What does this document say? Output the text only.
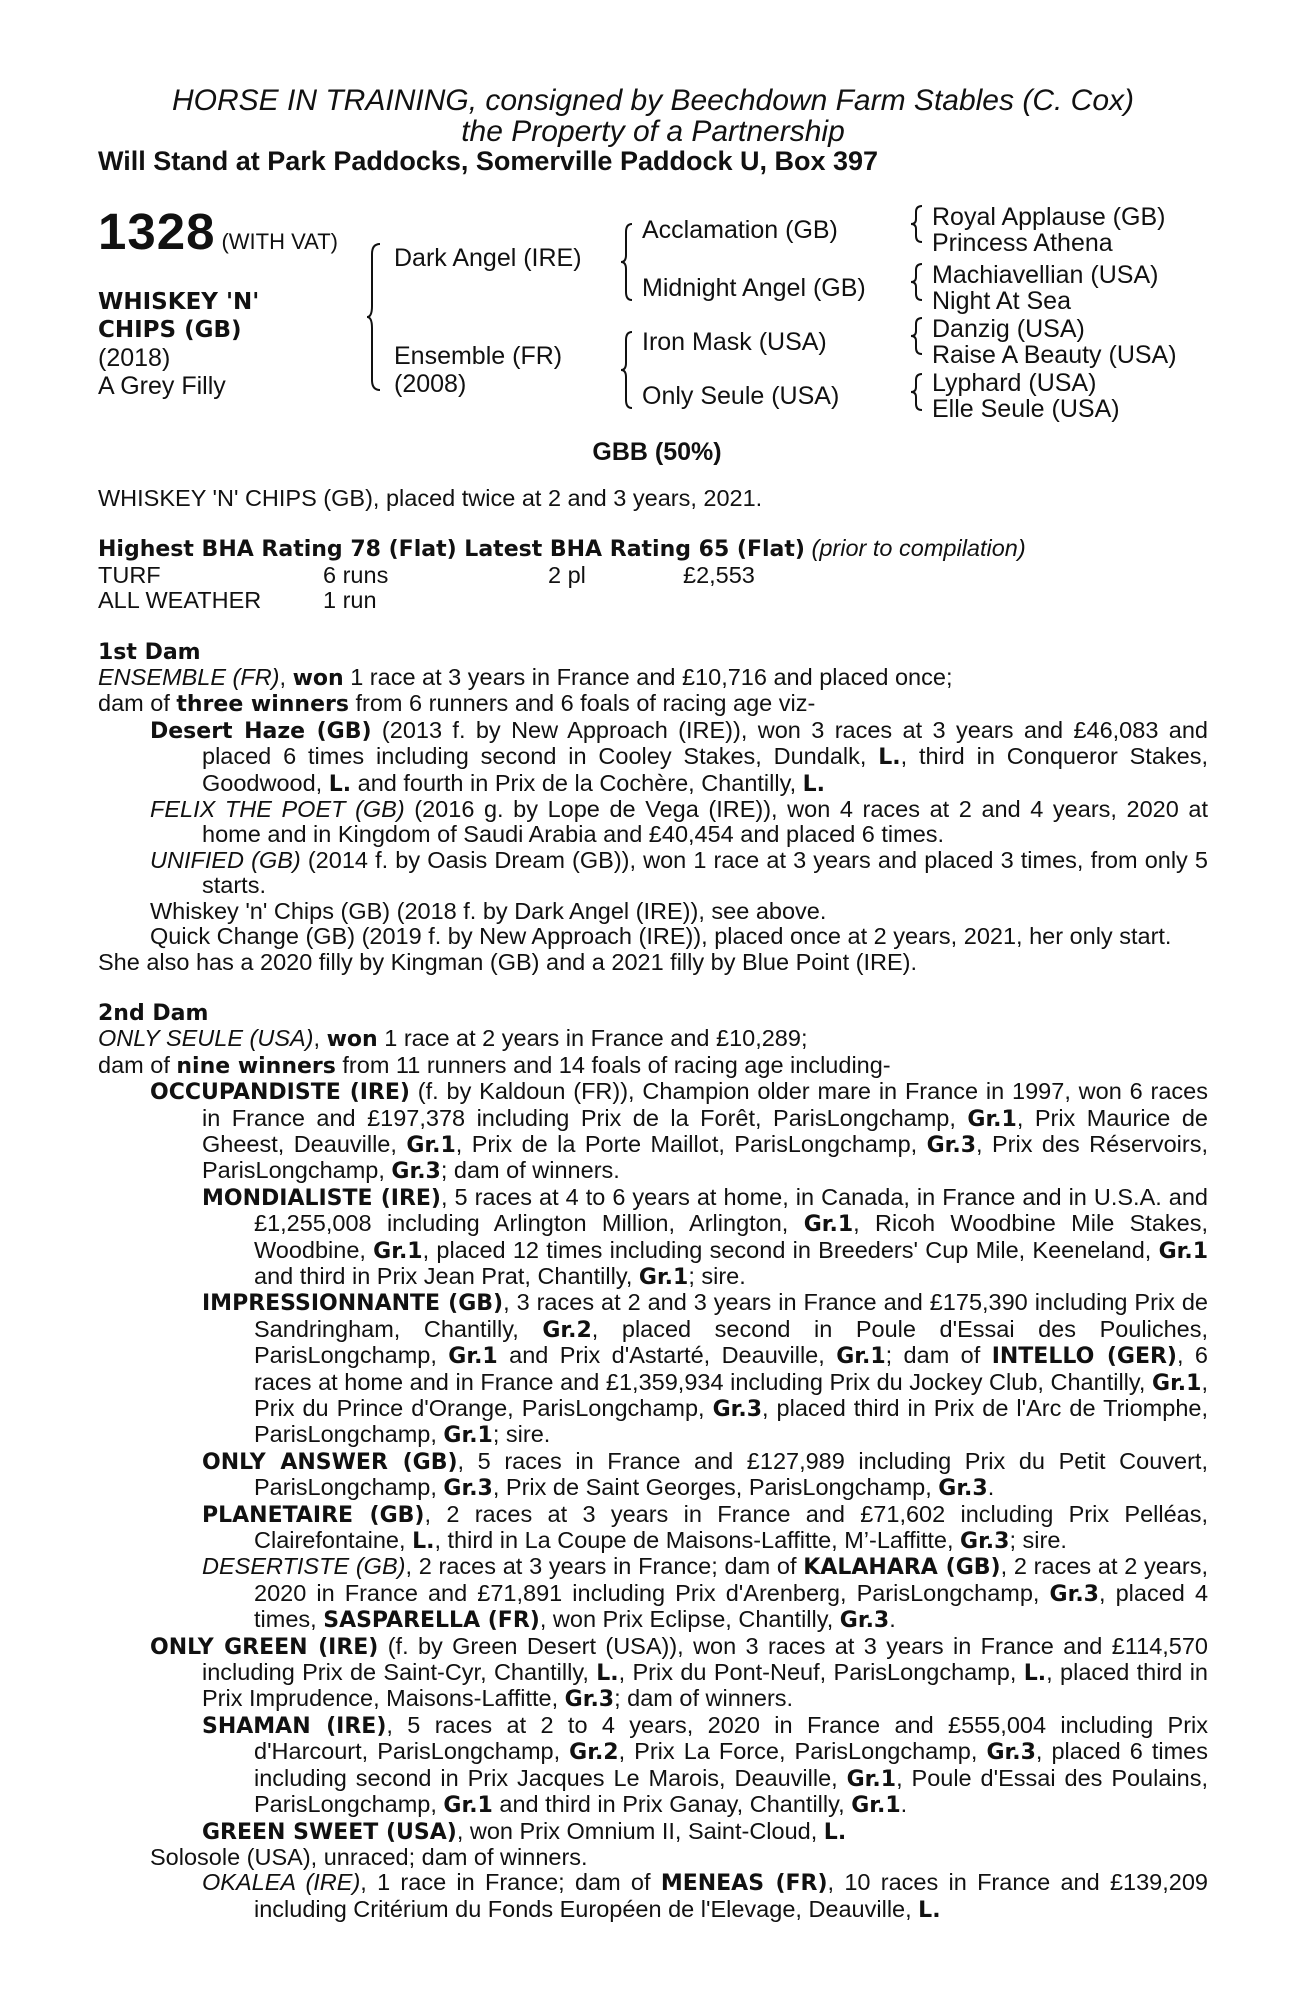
HORSE IN TRAINING, consigned by Beechdown Farm Stables (C. Cox)
the Property of a Partnership
Will Stand at Park Paddocks, Somerville Paddock U, Box 397
1328 (WITH VAT)
WHISKEY 'N'
CHIPS (GB)
(2018)
A Grey Filly
Dark Angel (IRE)
Ensemble (FR)
(2008)
Acclamation (GB)
Midnight Angel (GB)
Iron Mask (USA)
Only Seule (USA)
Royal Applause (GB)
Princess Athena
Machiavellian (USA)
Night At Sea
Danzig (USA)
Raise A Beauty (USA)
Lyphard (USA)
Elle Seule (USA)
GBB (50%)
WHISKEY 'N' CHIPS (GB), placed twice at 2 and 3 years, 2021.
Highest BHA Rating 78 (Flat) Latest BHA Rating 65 (Flat) (prior to compilation)
TURF	6 runs	2 pl	£2,553
ALL WEATHER	1 run
1st Dam
ENSEMBLE (FR), won 1 race at 3 years in France and £10,716 and placed once;
dam of three winners from 6 runners and 6 foals of racing age viz-
Desert Haze (GB) (2013 f. by New Approach (IRE)), won 3 races at 3 years and £46,083 and placed 6 times including second in Cooley Stakes, Dundalk, L., third in Conqueror Stakes, Goodwood, L. and fourth in Prix de la Cochère, Chantilly, L.
FELIX THE POET (GB) (2016 g. by Lope de Vega (IRE)), won 4 races at 2 and 4 years, 2020 at home and in Kingdom of Saudi Arabia and £40,454 and placed 6 times.
UNIFIED (GB) (2014 f. by Oasis Dream (GB)), won 1 race at 3 years and placed 3 times, from only 5 starts.
Whiskey 'n' Chips (GB) (2018 f. by Dark Angel (IRE)), see above.
Quick Change (GB) (2019 f. by New Approach (IRE)), placed once at 2 years, 2021, her only start.
She also has a 2020 filly by Kingman (GB) and a 2021 filly by Blue Point (IRE).
2nd Dam
ONLY SEULE (USA), won 1 race at 2 years in France and £10,289;
dam of nine winners from 11 runners and 14 foals of racing age including-
OCCUPANDISTE (IRE) (f. by Kaldoun (FR)), Champion older mare in France in 1997, won 6 races in France and £197,378 including Prix de la Forêt, ParisLongchamp, Gr.1, Prix Maurice de Gheest, Deauville, Gr.1, Prix de la Porte Maillot, ParisLongchamp, Gr.3, Prix des Réservoirs, ParisLongchamp, Gr.3; dam of winners.
MONDIALISTE (IRE), 5 races at 4 to 6 years at home, in Canada, in France and in U.S.A. and £1,255,008 including Arlington Million, Arlington, Gr.1, Ricoh Woodbine Mile Stakes, Woodbine, Gr.1, placed 12 times including second in Breeders' Cup Mile, Keeneland, Gr.1 and third in Prix Jean Prat, Chantilly, Gr.1; sire.
IMPRESSIONNANTE (GB), 3 races at 2 and 3 years in France and £175,390 including Prix de Sandringham, Chantilly, Gr.2, placed second in Poule d'Essai des Pouliches, ParisLongchamp, Gr.1 and Prix d'Astarté, Deauville, Gr.1; dam of INTELLO (GER), 6 races at home and in France and £1,359,934 including Prix du Jockey Club, Chantilly, Gr.1, Prix du Prince d'Orange, ParisLongchamp, Gr.3, placed third in Prix de l'Arc de Triomphe, ParisLongchamp, Gr.1; sire.
ONLY ANSWER (GB), 5 races in France and £127,989 including Prix du Petit Couvert, ParisLongchamp, Gr.3, Prix de Saint Georges, ParisLongchamp, Gr.3.
PLANETAIRE (GB), 2 races at 3 years in France and £71,602 including Prix Pelléas, Clairefontaine, L., third in La Coupe de Maisons-Laffitte, M’-Laffitte, Gr.3; sire.
DESERTISTE (GB), 2 races at 3 years in France; dam of KALAHARA (GB), 2 races at 2 years, 2020 in France and £71,891 including Prix d'Arenberg, ParisLongchamp, Gr.3, placed 4 times, SASPARELLA (FR), won Prix Eclipse, Chantilly, Gr.3.
ONLY GREEN (IRE) (f. by Green Desert (USA)), won 3 races at 3 years in France and £114,570 including Prix de Saint-Cyr, Chantilly, L., Prix du Pont-Neuf, ParisLongchamp, L., placed third in Prix Imprudence, Maisons-Laffitte, Gr.3; dam of winners.
SHAMAN (IRE), 5 races at 2 to 4 years, 2020 in France and £555,004 including Prix d'Harcourt, ParisLongchamp, Gr.2, Prix La Force, ParisLongchamp, Gr.3, placed 6 times including second in Prix Jacques Le Marois, Deauville, Gr.1, Poule d'Essai des Poulains, ParisLongchamp, Gr.1 and third in Prix Ganay, Chantilly, Gr.1.
GREEN SWEET (USA), won Prix Omnium II, Saint-Cloud, L.
Solosole (USA), unraced; dam of winners.
OKALEA (IRE), 1 race in France; dam of MENEAS (FR), 10 races in France and £139,209 including Critérium du Fonds Européen de l'Elevage, Deauville, L.
